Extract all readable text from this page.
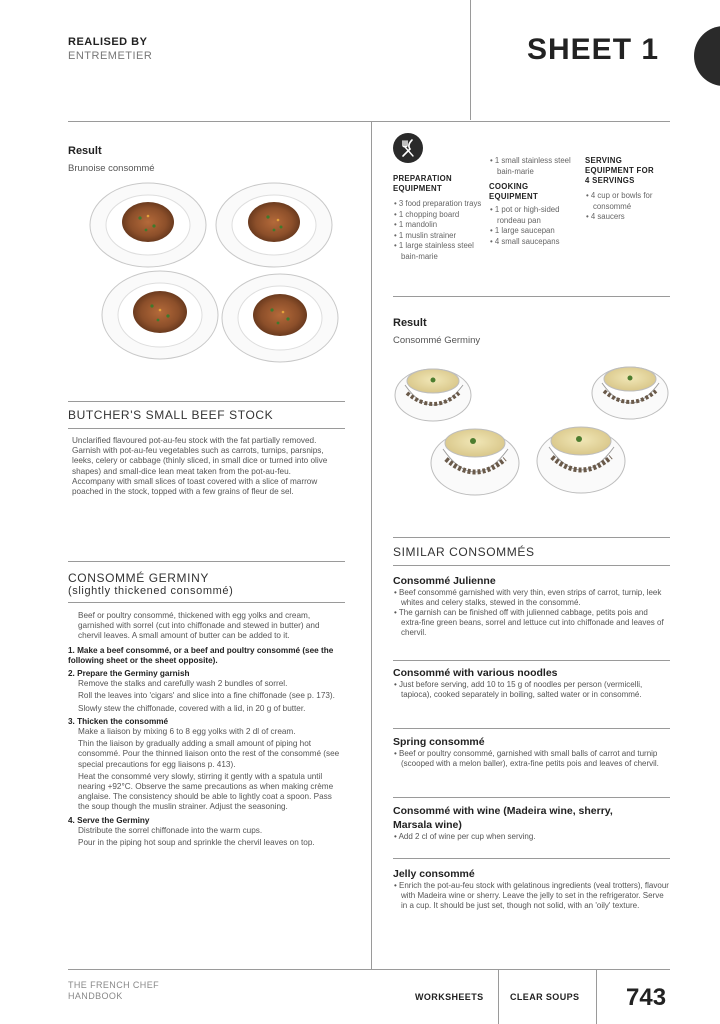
REALISED BY
ENTREMETIER	SHEET 1
Result
Brunoise consommé
BUTCHER'S SMALL BEEF STOCK
Unclarified flavoured pot-au-feu stock with the fat partially removed.
Garnish with pot-au-feu vegetables such as carrots, turnips, parsnips, leeks, celery or cabbage (thinly sliced, in small dice or turned into olive shapes) and small-dice lean meat taken from the pot-au-feu.
Accompany with small slices of toast covered with a slice of marrow poached in the stock, topped with a few grains of fleur de sel.
CONSOMMÉ GERMINY
(slightly thickened consommé)
Beef or poultry consommé, thickened with egg yolks and cream, garnished with sorrel (cut into chiffonade and stewed in butter) and chervil leaves. A small amount of butter can be added to it.
1. Make a beef consommé, or a beef and poultry consommé (see the following sheet or the sheet opposite).
2. Prepare the Germiny garnish
Remove the stalks and carefully wash 2 bundles of sorrel.
Roll the leaves into 'cigars' and slice into a fine chiffonade (see p. 173).
Slowly stew the chiffonade, covered with a lid, in 20 g of butter.
3. Thicken the consommé
Make a liaison by mixing 6 to 8 egg yolks with 2 dl of cream.
Thin the liaison by gradually adding a small amount of piping hot consommé. Pour the thinned liaison onto the rest of the consommé (see special precautions for egg liaisons p. 413).
Heat the consommé very slowly, stirring it gently with a spatula until nearing +92°C. Observe the same precautions as when making crème anglaise. The consistency should be able to lightly coat a spoon. Pass the soup though the muslin strainer. Adjust the seasoning.
4. Serve the Germiny
Distribute the sorrel chiffonade into the warm cups.
Pour in the piping hot soup and sprinkle the chervil leaves on top.
PREPARATION
EQUIPMENT
• 3 food preparation trays
• 1 chopping board
• 1 mandolin
• 1 muslin strainer
• 1 large stainless steel bain-marie
• 1 small stainless steel bain-marie
COOKING
EQUIPMENT
• 1 pot or high-sided rondeau pan
• 1 large saucepan
• 4 small saucepans
SERVING
EQUIPMENT FOR
4 SERVINGS
• 4 cup or bowls for consommé
• 4 saucers
Result
Consommé Germiny
SIMILAR CONSOMMÉS
Consommé Julienne
• Beef consommé garnished with very thin, even strips of carrot, turnip, leek whites and celery stalks, stewed in the consommé.
• The garnish can be finished off with julienned cabbage, petits pois and extra-fine green beans, sorrel and lettuce cut into chiffonade and leaves of chervil.
Consommé with various noodles
• Just before serving, add 10 to 15 g of noodles per person (vermicelli, tapioca), cooked separately in boiling, salted water or in consommé.
Spring consommé
• Beef or poultry consommé, garnished with small balls of carrot and turnip (scooped with a melon baller), extra-fine petits pois and leaves of chervil.
Consommé with wine (Madeira wine, sherry,
Marsala wine)
• Add 2 cl of wine per cup when serving.
Jelly consommé
• Enrich the pot-au-feu stock with gelatinous ingredients (veal trotters), flavour with Madeira wine or sherry. Leave the jelly to set in the refrigerator. Serve in a cup. It should be just set, though not solid, with an 'oily' texture.
THE FRENCH CHEF
HANDBOOK	WORKSHEETS	CLEAR SOUPS 743
